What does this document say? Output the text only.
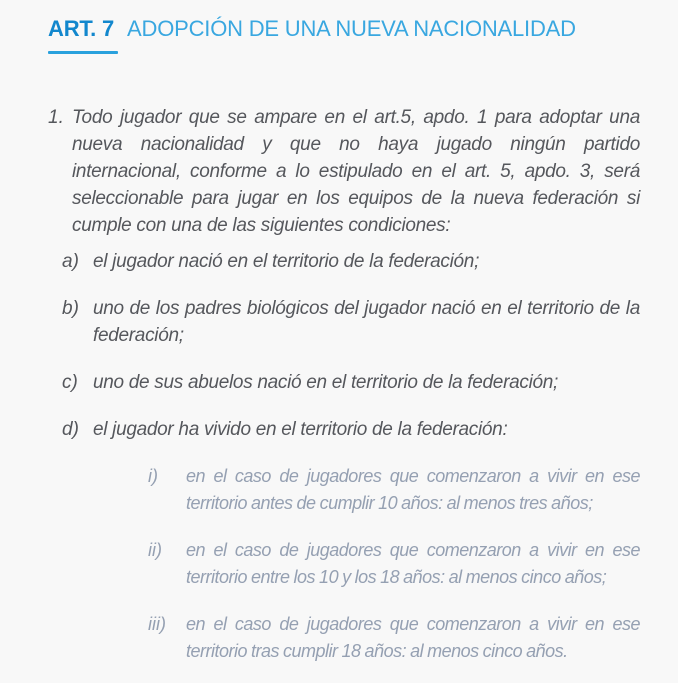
ART. 7 ADOPCIÓN DE UNA NUEVA NACIONALIDAD
1. Todo jugador que se ampare en el art.5, apdo. 1 para adoptar una nueva nacionalidad y que no haya jugado ningún partido internacional, conforme a lo estipulado en el art. 5, apdo. 3, será seleccionable para jugar en los equipos de la nueva federación si cumple con una de las siguientes condiciones:

a) el jugador nació en el territorio de la federación;

b) uno de los padres biológicos del jugador nació en el territorio de la federación;

c) uno de sus abuelos nació en el territorio de la federación;

d) el jugador ha vivido en el territorio de la federación:

i)	en el caso de jugadores que comenzaron a vivir en ese territorio antes de cumplir 10 años: al menos tres años;

ii)	en el caso de jugadores que comenzaron a vivir en ese territorio entre los 10 y los 18 años: al menos cinco años;

iii)	en el caso de jugadores que comenzaron a vivir en ese territorio tras cumplir 18 años: al menos cinco años.
